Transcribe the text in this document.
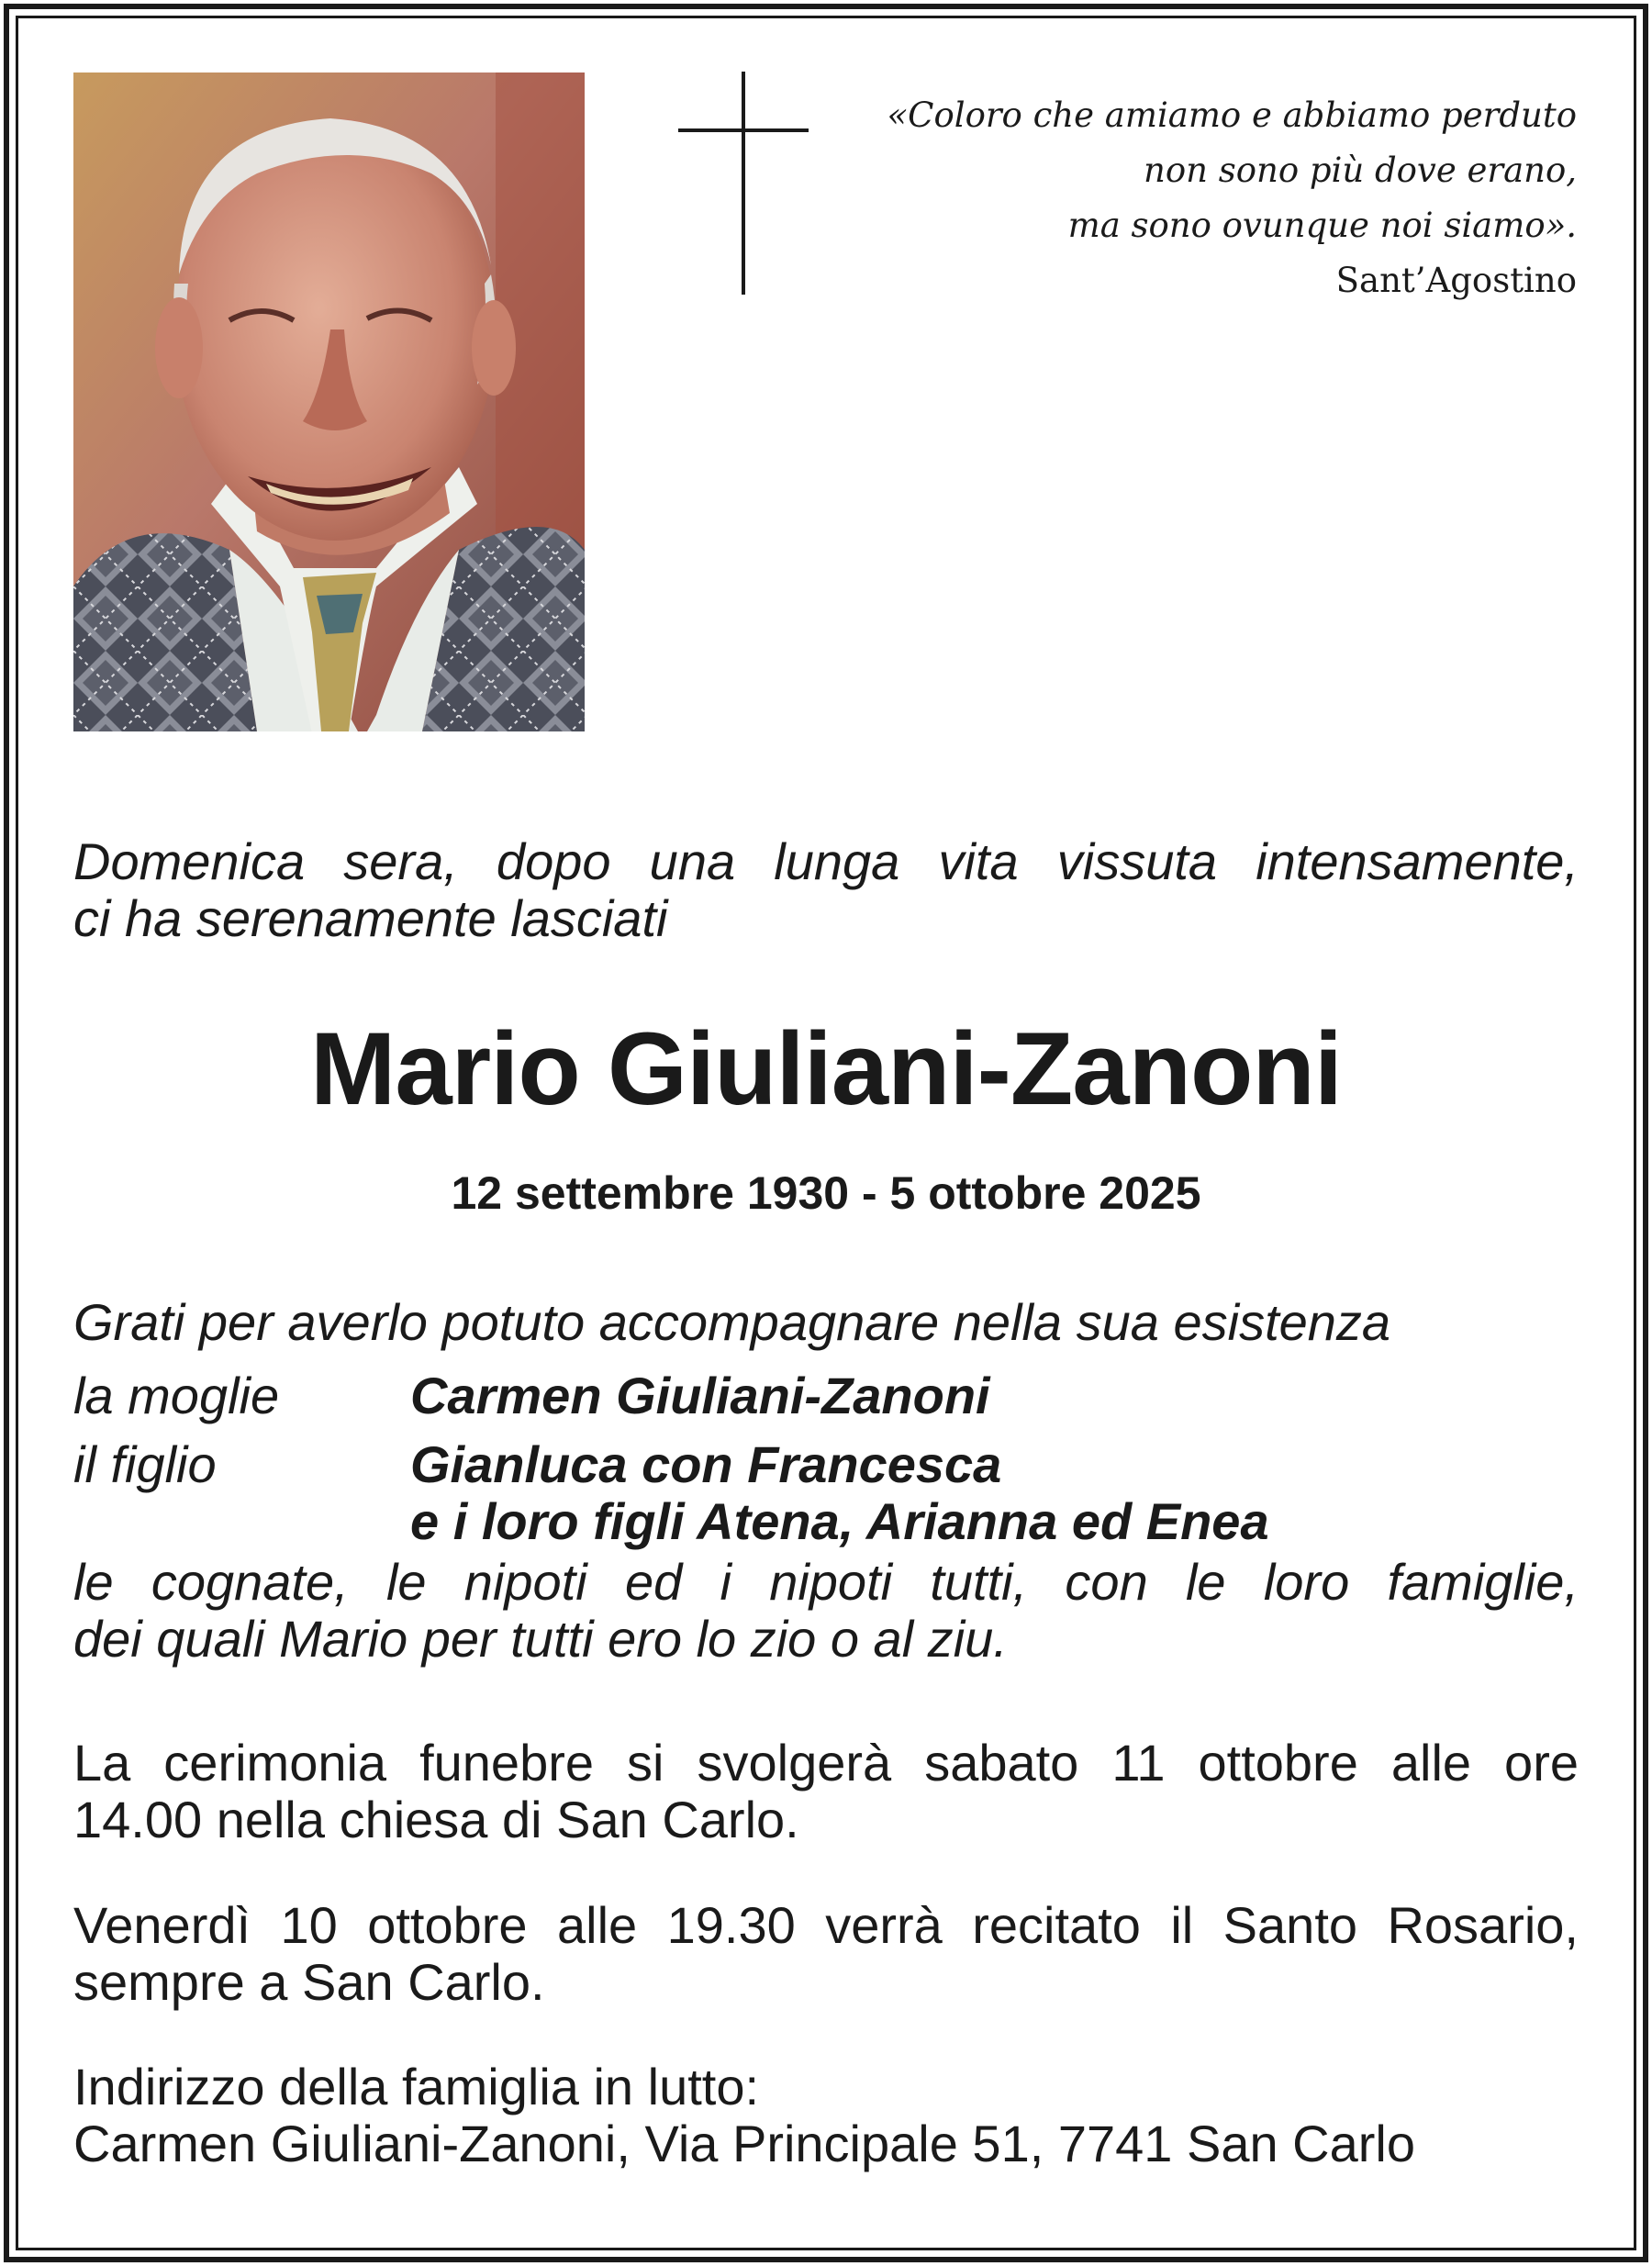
«Coloro che amiamo e abbiamo perduto
non sono più dove erano,
ma sono ovunque noi siamo».
Sant’Agostino
Domenica sera, dopo una lunga vita vissuta intensamente,
ci ha serenamente lasciati
Mario Giuliani-Zanoni
12 settembre 1930 - 5 ottobre 2025
Grati per averlo potuto accompagnare nella sua esistenza
la moglie	Carmen Giuliani-Zanoni
il figlio	Gianluca con Francesca
e i loro figli Atena, Arianna ed Enea
le cognate, le nipoti ed i nipoti tutti, con le loro famiglie,
dei quali Mario per tutti ero lo zio o al ziu.
La cerimonia funebre si svolgerà sabato 11 ottobre alle ore
14.00 nella chiesa di San Carlo.
Venerdì 10 ottobre alle 19.30 verrà recitato il Santo Rosario,
sempre a San Carlo.
Indirizzo della famiglia in lutto:
Carmen Giuliani-Zanoni, Via Principale 51, 7741 San Carlo
